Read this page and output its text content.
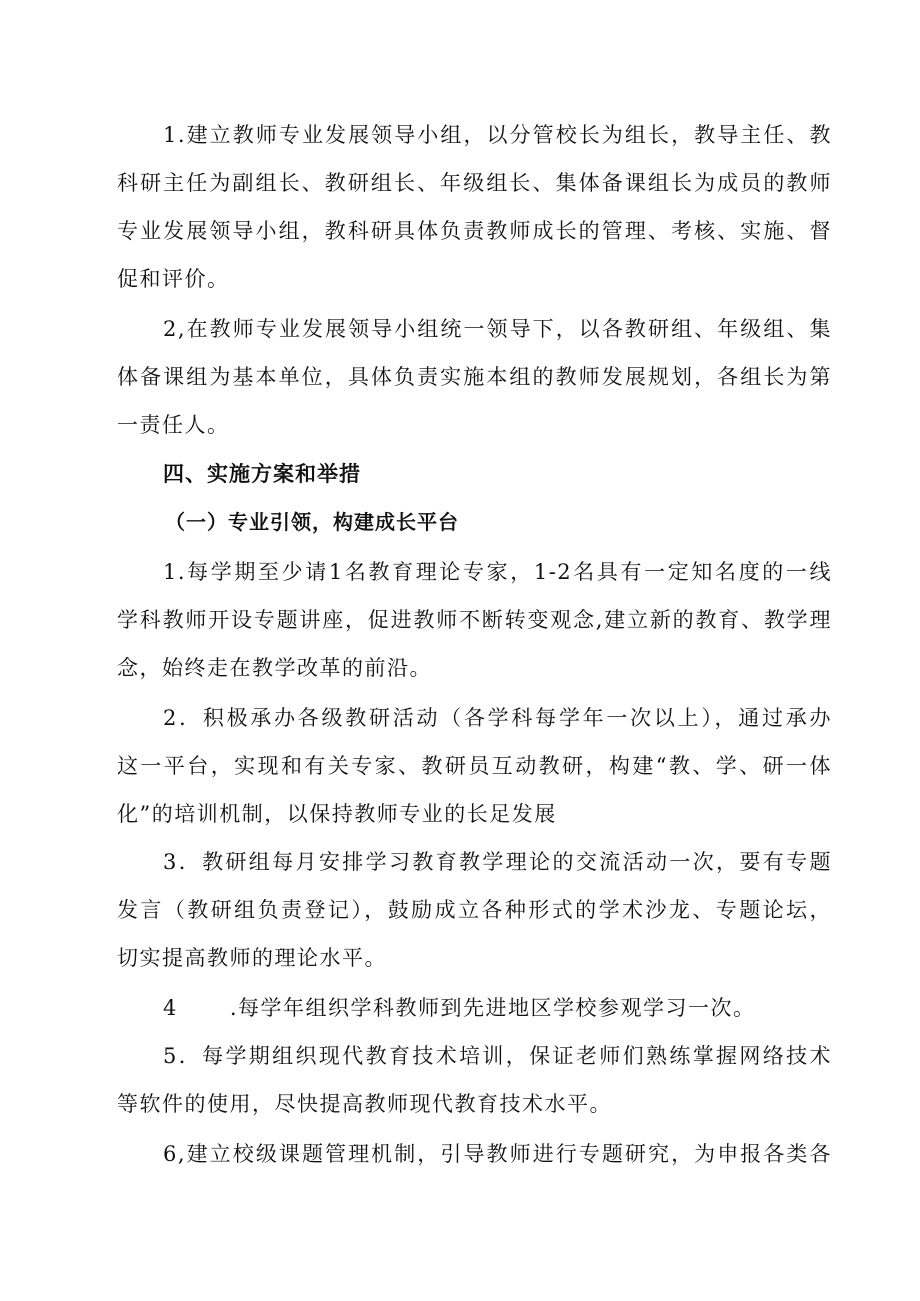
1.建立教师专业发展领导小组，以分管校长为组长，教导主任、教
科研主任为副组长、教研组长、年级组长、集体备课组长为成员的教师
专业发展领导小组，教科研具体负责教师成长的管理、考核、实施、督
促和评价。
2,在教师专业发展领导小组统一领导下，以各教研组、年级组、集
体备课组为基本单位，具体负责实施本组的教师发展规划，各组长为第
一责任人。
四、实施方案和举措
（一）专业引领，构建成长平台
1.每学期至少请1名教育理论专家，1-2名具有一定知名度的一线
学科教师开设专题讲座，促进教师不断转变观念,建立新的教育、教学理
念，始终走在教学改革的前沿。
2．积极承办各级教研活动（各学科每学年一次以上），通过承办
这一平台，实现和有关专家、教研员互动教研，构建“教、学、研一体
化”的培训机制，以保持教师专业的长足发展
3．教研组每月安排学习教育教学理论的交流活动一次，要有专题
发言（教研组负责登记），鼓励成立各种形式的学术沙龙、专题论坛，
切实提高教师的理论水平。
4 .每学年组织学科教师到先进地区学校参观学习一次。
5．每学期组织现代教育技术培训，保证老师们熟练掌握网络技术
等软件的使用，尽快提高教师现代教育技术水平。
6,建立校级课题管理机制，引导教师进行专题研究，为申报各类各
